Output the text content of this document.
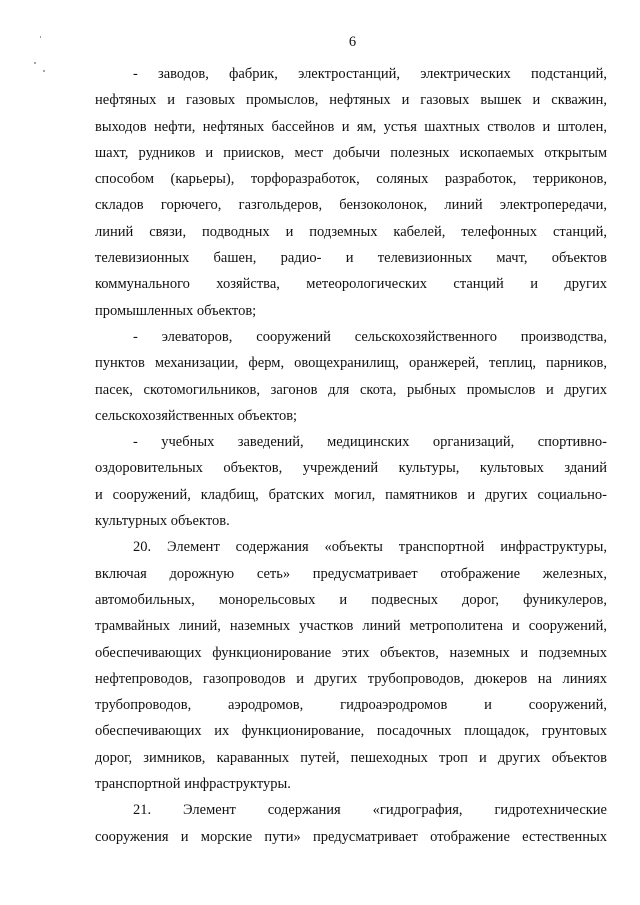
6
- заводов, фабрик, электростанций, электрических подстанций,
нефтяных и газовых промыслов, нефтяных и газовых вышек и скважин,
выходов нефти, нефтяных бассейнов и ям, устья шахтных стволов и штолен,
шахт, рудников и приисков, мест добычи полезных ископаемых открытым
способом (карьеры), торфоразработок, соляных разработок, терриконов,
складов горючего, газгольдеров, бензоколонок, линий электропередачи,
линий связи, подводных и подземных кабелей, телефонных станций,
телевизионных башен, радио- и телевизионных мачт, объектов
коммунального хозяйства, метеорологических станций и других
промышленных объектов;
- элеваторов, сооружений сельскохозяйственного производства,
пунктов механизации, ферм, овощехранилищ, оранжерей, теплиц, парников,
пасек, скотомогильников, загонов для скота, рыбных промыслов и других
сельскохозяйственных объектов;
- учебных заведений, медицинских организаций, спортивно-
оздоровительных объектов, учреждений культуры, культовых зданий
и сооружений, кладбищ, братских могил, памятников и других социально-
культурных объектов.
20. Элемент содержания «объекты транспортной инфраструктуры,
включая дорожную сеть» предусматривает отображение железных,
автомобильных, монорельсовых и подвесных дорог, фуникулеров,
трамвайных линий, наземных участков линий метрополитена и сооружений,
обеспечивающих функционирование этих объектов, наземных и подземных
нефтепроводов, газопроводов и других трубопроводов, дюкеров на линиях
трубопроводов, аэродромов, гидроаэродромов и сооружений,
обеспечивающих их функционирование, посадочных площадок, грунтовых
дорог, зимников, караванных путей, пешеходных троп и других объектов
транспортной инфраструктуры.
21. Элемент содержания «гидрография, гидротехнические
сооружения и морские пути» предусматривает отображение естественных
